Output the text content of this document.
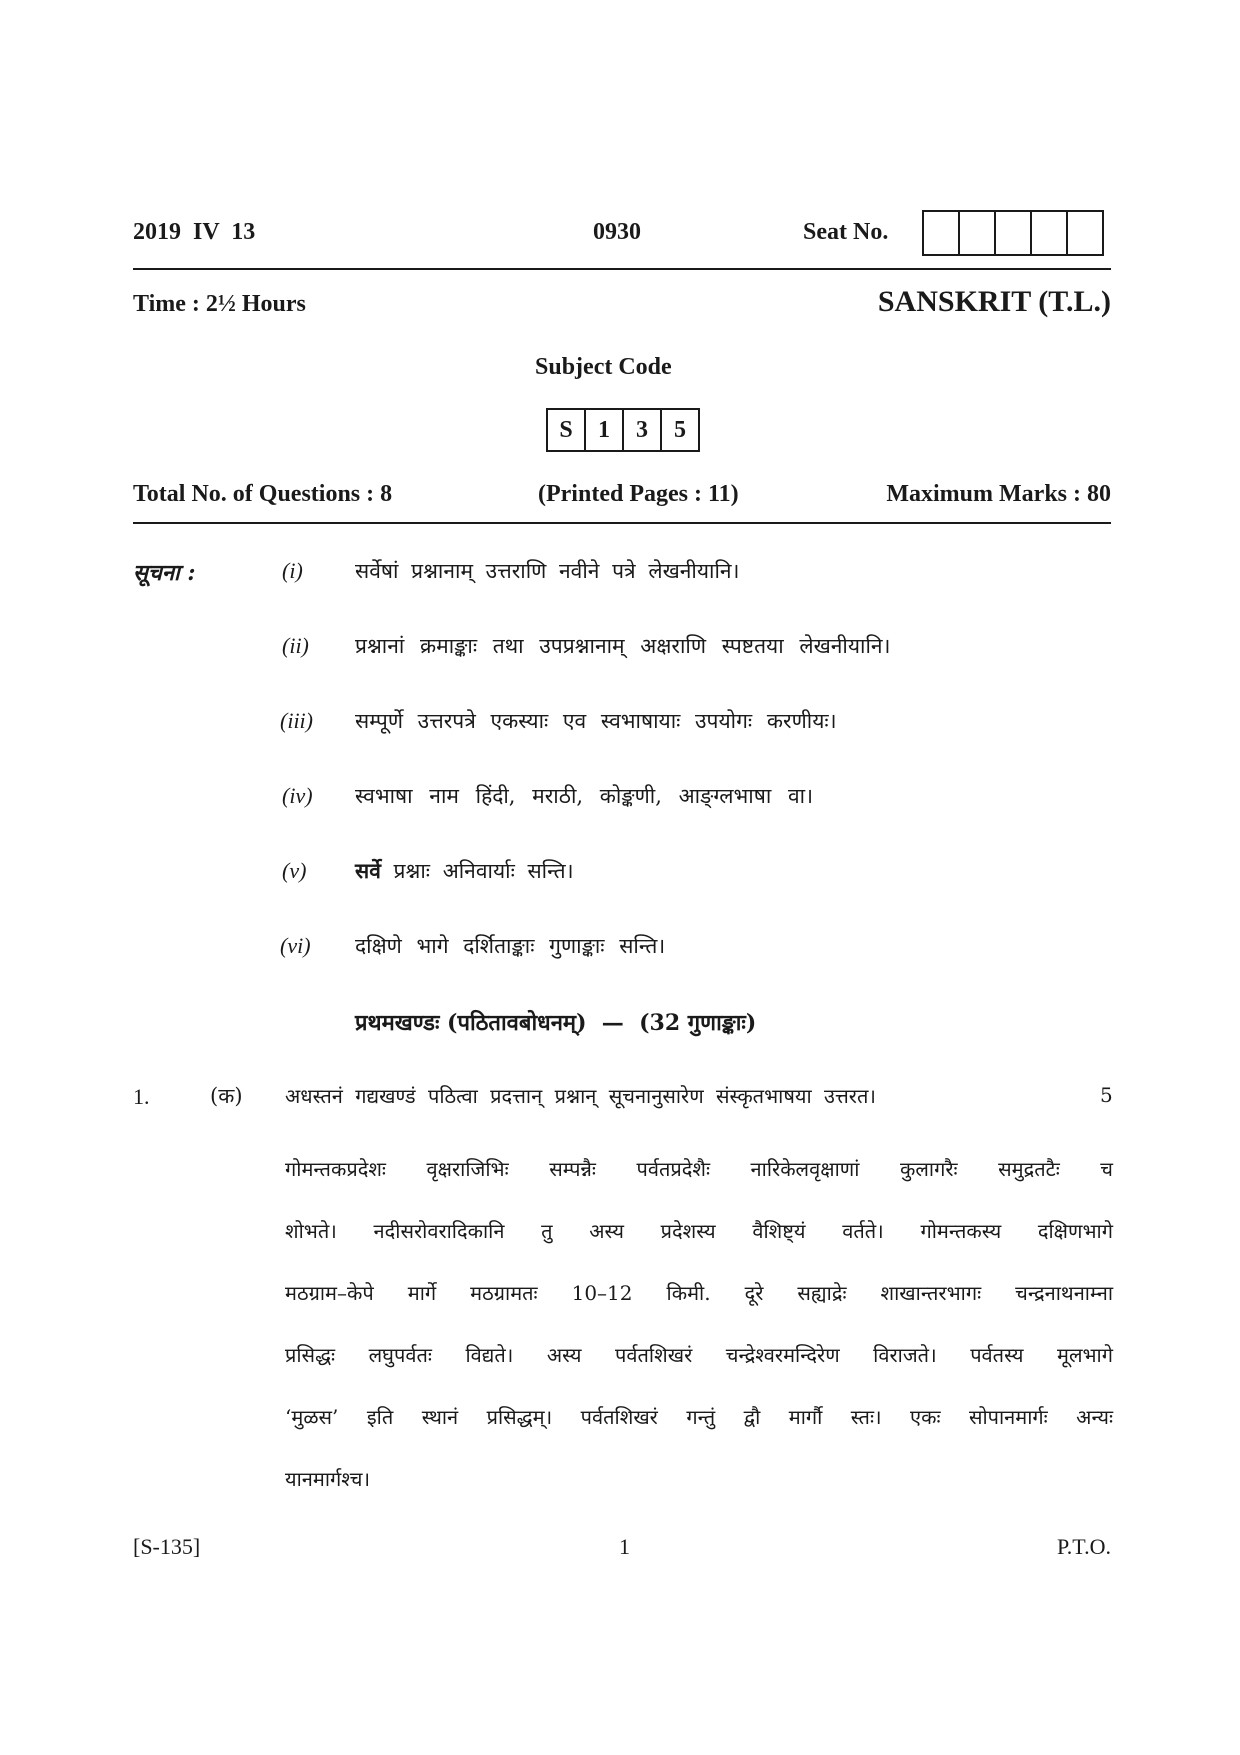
2019  IV  13	0930	Seat No.
Time : 2½ Hours	SANSKRIT (T.L.)
Subject Code
S	1	3	5
Total No. of Questions : 8	(Printed Pages : 11)	Maximum Marks : 80
सूचना :	(i) सर्वेषां प्रश्नानाम् उत्तराणि नवीने पत्रे लेखनीयानि।
(ii) प्रश्नानां क्रमाङ्काः तथा उपप्रश्नानाम् अक्षराणि स्पष्टतया लेखनीयानि।
(iii) सम्पूर्णे उत्तरपत्रे एकस्याः एव स्वभाषायाः उपयोगः करणीयः।
(iv) स्वभाषा नाम हिंदी, मराठी, कोङ्कणी, आङ्ग्लभाषा वा।
(v) सर्वे प्रश्नाः अनिवार्याः सन्ति।
(vi) दक्षिणे भागे दर्शिताङ्काः गुणाङ्काः सन्ति।
प्रथमखण्डः (पठितावबोधनम्)  —  (32 गुणाङ्काः)
1.	(क) अधस्तनं गद्यखण्डं पठित्वा प्रदत्तान् प्रश्नान् सूचनानुसारेण संस्कृतभाषया उत्तरत।	5
गोमन्तकप्रदेशः वृक्षराजिभिः सम्पन्नैः पर्वतप्रदेशैः नारिकेलवृक्षाणां कुलागरैः समुद्रतटैः च
शोभते। नदीसरोवरादिकानि तु अस्य प्रदेशस्य वैशिष्ट्यं वर्तते। गोमन्तकस्य दक्षिणभागे
मठग्राम–केपे मार्गे मठग्रामतः 10–12 किमी. दूरे सह्याद्रेः शाखान्तरभागः चन्द्रनाथनाम्ना
प्रसिद्धः लघुपर्वतः विद्यते। अस्य पर्वतशिखरं चन्द्रेश्वरमन्दिरेण विराजते। पर्वतस्य मूलभागे
‘मुळस’ इति स्थानं प्रसिद्धम्। पर्वतशिखरं गन्तुं द्वौ मार्गौ स्तः। एकः सोपानमार्गः अन्यः
यानमार्गश्च।
[S-135]	1	P.T.O.
